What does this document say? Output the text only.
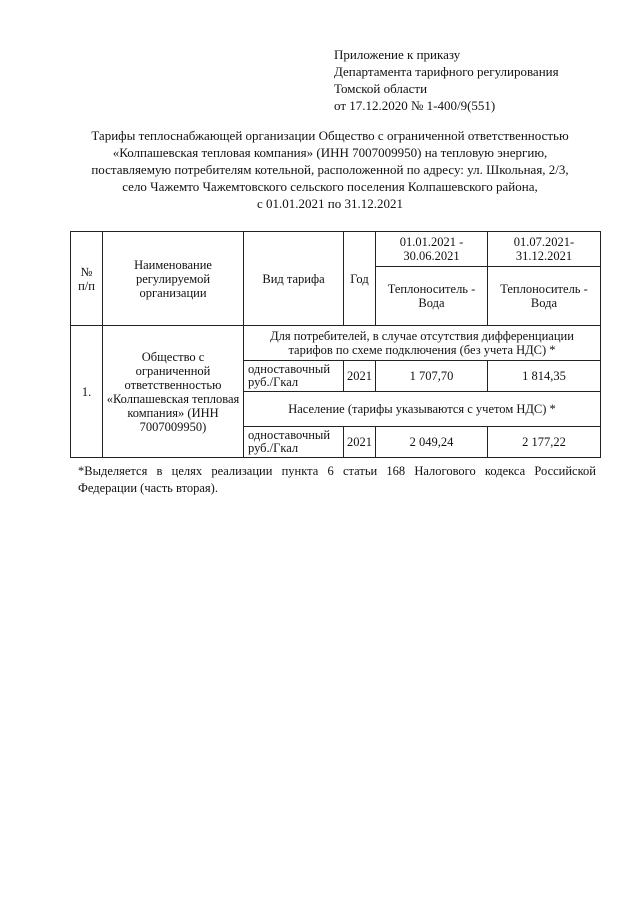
Приложение к приказу
Департамента тарифного регулирования
Томской области
от 17.12.2020 № 1-400/9(551)
Тарифы теплоснабжающей организации Общество с ограниченной ответственностью
«Колпашевская тепловая компания» (ИНН 7007009950) на тепловую энергию,
поставляемую потребителям котельной, расположенной по адресу: ул. Школьная, 2/3,
село Чажемто Чажемтовского сельского поселения Колпашевского района,
с 01.01.2021 по 31.12.2021
№ п/п	Наименование регулируемой организации	Вид тарифа	Год	01.01.2021 - 30.06.2021	01.07.2021- 31.12.2021
				Теплоноситель - Вода	Теплоноситель - Вода
1.	Общество с ограниченной ответственностью «Колпашевская тепловая компания» (ИНН 7007009950)	Для потребителей, в случае отсутствия дифференциации тарифов по схеме подключения (без учета НДС) *			
		одноставочный руб./Гкал	2021	1 707,70	1 814,35
		Население (тарифы указываются с учетом НДС) *			
		одноставочный руб./Гкал	2021	2 049,24	2 177,22
*Выделяется в целях реализации пункта 6 статьи 168 Налогового кодекса Российской Федерации (часть вторая).
